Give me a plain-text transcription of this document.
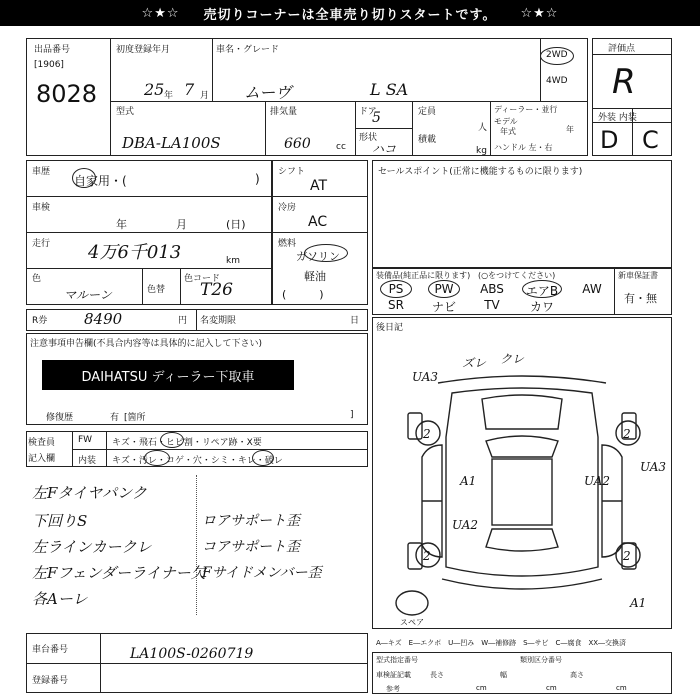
☆★☆ 売切りコーナーは全車売り切りスタートです。 ☆★☆
出品番号
[1906]
8028
初度登録年月
25 年 7 月
車名・グレード
ムーヴ	L SA
2WD
4WD
評価点
R
外装 内装
D C
型式
DBA-LA100S
排気量
660	cc
ドア
5
形状
ハコ
定員
人
積載
kg
ディーラー・並行
モデル
年式	年
ハンドル 左・右
車歴
自家用・(	)
車検
年	月	(日)
走行 4万6千013	km
色
マルーン	色替
色コード
T26
シフト
AT
冷房
AC
燃料
ガソリン
軽油
(　　　)
セールスポイント(正常に機能するものに限ります)
装備品(純正品に限ります) (○をつけてください)	新車保証書
有・無
PS	PW	ABS	エアB	AW
SR	ナビ	TV	カワ
R券 8490	円 名変期限	日
注意事項申告欄(不具合内容等は具体的に記入して下さい)
DAIHATSU ディーラー下取車
修復歴	有 [箇所	]
後日記
検査員
記入欄
FW キズ・飛石・ヒビ割・リペア跡・X要
内装 キズ・汚レ・コゲ・穴・シミ・キレ・破レ
左Fタイヤパンク
下回りS
左ラインカークレ
左Fフェンダーライナー欠
各Aーレ
ロアサポート歪
コアサポート歪
Fサイドメンバー歪
UA3
ズレ クレ
A1	UA2
UA3
UA2
A1
2	2
2	2
スペア
車台番号	LA100S-0260719
登録番号
A―キズ　E―エクボ　U―凹み　W―補修跡　S―サビ　C―腐食　XX―交換済
型式指定番号	類別区分番号
車検証記載	長さ	幅	高さ
参考	cm	cm	cm
